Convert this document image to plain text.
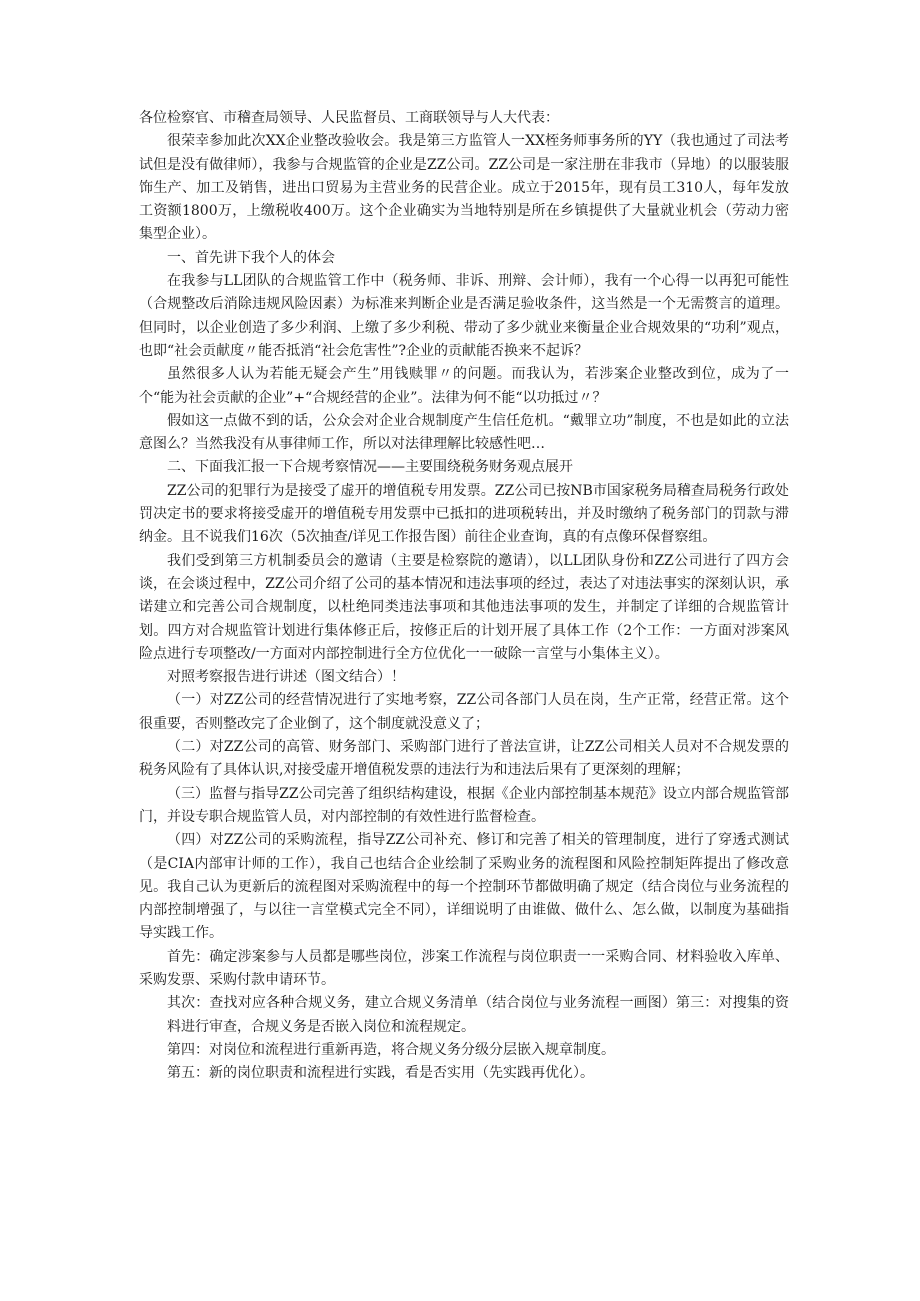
各位检察官、市稽查局领导、人民监督员、工商联领导与人大代表：

很荣幸参加此次XX企业整改验收会。我是第三方监管人一XX桎务师事务所的YY（我也通过了司法考试但是没有做律师），我参与合规监管的企业是ZZ公司。ZZ公司是一家注册在非我市（异地）的以服装服饰生产、加工及销售，进出口贸易为主营业务的民营企业。成立于2015年，现有员工310人，每年发放工资额1800万，上缴税收400万。这个企业确实为当地特别是所在乡镇提供了大量就业机会（劳动力密集型企业）。

一、首先讲下我个人的体会

在我参与LL团队的合规监管工作中（税务师、非诉、刑辩、会计师），我有一个心得一以再犯可能性（合规整改后消除违规风险因素）为标准来判断企业是否满足验收条件，这当然是一个无需赘言的道理。但同时，以企业创造了多少利润、上缴了多少利税、带动了多少就业来衡量企业合规效果的“功利”观点，也即“社会贡献度〃能否抵消“社会危害性”?企业的贡献能否换来不起诉？

虽然很多人认为若能无疑会产生”用钱赎罪〃的问题。而我认为，若涉案企业整改到位，成为了一个“能为社会贡献的企业”+“合规经营的企业”。法律为何不能“以功抵过〃？

假如这一点做不到的话，公众会对企业合规制度产生信任危机。“戴罪立功”制度，不也是如此的立法意图么？当然我没有从事律师工作，所以对法律理解比较感性吧…

二、下面我汇报一下合规考察情况——主要围绕税务财务观点展开

ZZ公司的犯罪行为是接受了虚开的增值税专用发票。ZZ公司已按NB市国家税务局稽查局税务行政处罚决定书的要求将接受虚开的增值税专用发票中已抵扣的进项税转出，并及时缴纳了税务部门的罚款与滞纳金。且不说我们16次（5次抽查/详见工作报告图）前往企业查询，真的有点像环保督察组。

我们受到第三方机制委员会的邀请（主要是检察院的邀请），以LL团队身份和ZZ公司进行了四方会谈，在会谈过程中，ZZ公司介绍了公司的基本情况和违法事项的经过，表达了对违法事实的深刻认识，承诺建立和完善公司合规制度，以杜绝同类违法事项和其他违法事项的发生，并制定了详细的合规监管计划。四方对合规监管计划进行集体修正后，按修正后的计划开展了具体工作（2个工作：一方面对涉案风险点进行专项整改/一方面对内部控制进行全方位优化一一破除一言堂与小集体主义）。

对照考察报告进行讲述（图文结合）！

（一）对ZZ公司的经营情况进行了实地考察，ZZ公司各部门人员在岗，生产正常，经营正常。这个很重要，否则整改完了企业倒了，这个制度就没意义了；

（二）对ZZ公司的高管、财务部门、采购部门进行了普法宣讲，让ZZ公司相关人员对不合规发票的税务风险有了具体认识,对接受虚开增值税发票的违法行为和违法后果有了更深刻的理解；

（三）监督与指导ZZ公司完善了组织结构建设，根据《企业内部控制基本规范》设立内部合规监管部门，并设专职合规监管人员，对内部控制的有效性进行监督检查。

（四）对ZZ公司的采购流程，指导ZZ公司补充、修订和完善了相关的管理制度，进行了穿透式测试（是CIA内部审计师的工作），我自己也结合企业绘制了采购业务的流程图和风险控制矩阵提出了修改意见。我自己认为更新后的流程图对采购流程中的每一个控制环节都做明确了规定（结合岗位与业务流程的内部控制增强了，与以往一言堂模式完全不同），详细说明了由谁做、做什么、怎么做，以制度为基础指导实践工作。

首先：确定涉案参与人员都是哪些岗位，涉案工作流程与岗位职责一一采购合同、材料验收入库单、采购发票、采购付款申请环节。

其次：查找对应各种合规义务，建立合规义务清单（结合岗位与业务流程一画图）第三：对搜集的资料进行审查，合规义务是否嵌入岗位和流程规定。

第四：对岗位和流程进行重新再造，将合规义务分级分层嵌入规章制度。

第五：新的岗位职责和流程进行实践，看是否实用（先实践再优化）。
